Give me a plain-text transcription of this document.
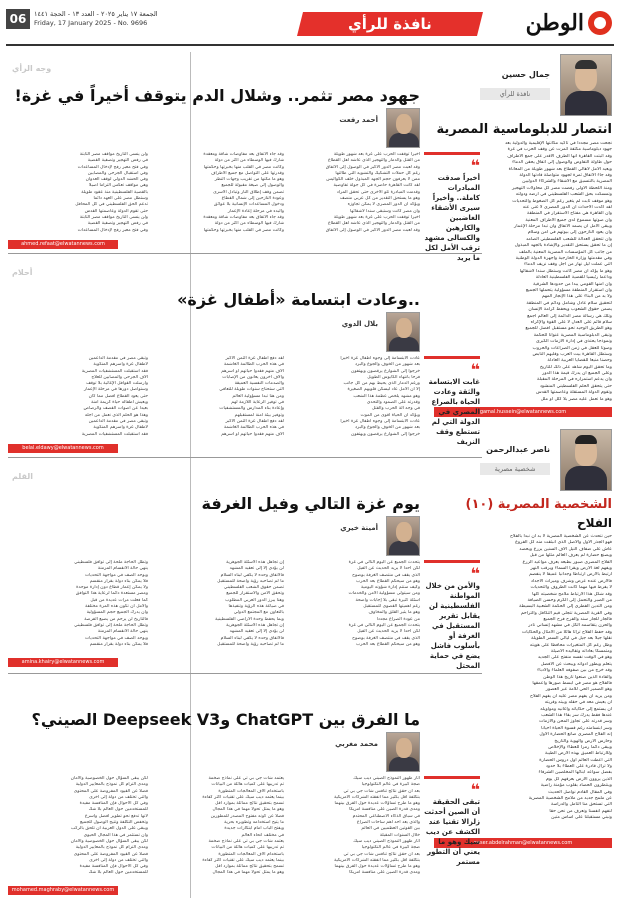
الوطن
نافذة للرأي
الجمعة ١٧ يناير ٢٠٢٥ - العدد ١٣ - الحجة ١٤٤١
Friday, 17 January 2025 - No. 9696
06
جمال حسين
نافذة للرأي
انتصار للدبلوماسية المصرية
نجحت مصر مجددا في تأكيد مكانتها الإقليمية والدولية بعد
جهود دبلوماسية مكثفة أثمرت عن وقف الحرب في غزة
وقد أثبتت القاهرة أنها الطرف الأقدر على جمع الأطراف
حول طاولة التفاوض والوصول إلى اتفاق يحقن الدماء
ويعيد الأمل لأهالي القطاع بعد شهور طويلة من المعاناة
وقد جاء الاتفاق ثمرة لجهود متواصلة قادتها الدولة
المصرية بالتنسيق مع الأشقاء والشركاء الدوليين
ومنذ اللحظة الأولى رفضت مصر كل محاولات التهجير
وتمسكت بحق الشعب الفلسطيني في أرضه ودولته
وهو موقف ثابت لم يتغير رغم كل الضغوط والتحديات
لقد أكدت الأحداث أن الدور المصري لا غنى عنه
وأن القاهرة هي مفتاح الاستقرار في المنطقة
وأن صوتها مسموع لدى جميع الأطراف المعنية
ويبقى الأمل أن يصمد الاتفاق وأن تبدأ مرحلة الإعمار
وأن يعود النازحون إلى بيوتهم في أمن وسلام
وأن تتحقق العدالة للشعب الفلسطيني الصامد
إن ما تحقق يستحق التقدير والإشادة بالجهد المبذول
من جانب كل المؤسسات المصرية المعنية بالملف
وفي مقدمتها وزارة الخارجية وأجهزة الدولة الوطنية
التي عملت ليل نهار من أجل وقف نزيف الدماء
وهو ما يؤكد أن مصر كانت وستظل سندا لأشقائها
وداعما رئيسيا للقضية الفلسطينية العادلة
وأن أمنها القومي يبدأ من حدودها الشرقية
وأن استقرار المنطقة مسؤولية يتحملها الجميع
ولا بد من البناء على هذا الإنجاز المهم
لتحقيق سلام عادل وشامل ودائم في المنطقة
يضمن حقوق الشعوب ويحفظ كرامة الإنسان
وتلك هي رسالة مصر الدائمة إلى العالم أجمع
سلام قائم على العدل لا على القوة والإكراه
وهو الطريق الوحيد نحو مستقبل أفضل للجميع
وتبقى الدبلوماسية المصرية عنوانا للحكمة
ونموذجا يحتذى في إدارة الأزمات الكبرى
وصوتا للعقل في زمن الصراعات والحروب
وستظل القاهرة بيت العرب وقلبهم النابض
وحصنا منيعا للقضايا العربية العادلة
وما تحقق اليوم شاهد على ذلك للتاريخ
وعلى الجميع أن يدرك قيمة هذا الدور
وأن يدعم استمراره في المرحلة المقبلة
حتى يتحقق الحلم الفلسطيني المنشود
وتقوم الدولة المستقلة وعاصمتها القدس
وهو ما تعمل عليه مصر بلا كلل أو ملل
gamal.hussein@elwatannews.com
ناصر عبدالرحمن
شخصية مصرية
الشخصية المصرية (١٠)
الفلاح
حين نتحدث عن الشخصية المصرية لا بد أن نبدأ بالفلاح
فهو الجذر الأول والأصل الذي انبثقت منه كل الفروع
عاش على ضفاف النيل آلاف السنين يزرع ويحصد
ويصنع حضارة لم يعرف العالم مثلها من قبل
الفلاح المصري صبور بطبعه يعرف مواعيد الزرع
ويفهم لغة الأرض ويقرأ السماء ويرقب النهر
ارتبط بالأرض ارتباطا وجدانيا عميقا لا ينفصم
فالأرض عنده عرض وشرف وميراث الأجداد
لا يفرط فيها مهما كانت الظروف والتحديات
وقد شكل هذا الارتباط ملامح شخصيته كلها
من الصبر والتحمل إلى الكرم وحسن الضيافة
ومن التدين الفطري إلى الحكمة الشعبية البسيطة
وفي القرية المصرية تتجلى قيم التكافل والتراحم
فالجار للجار سند والفرح فرح الجميع
والحزن يتقاسمه الكل في مشهد إنساني نادر
وقد حفظ الفلاح تراثا هائلا من الأمثال والحكايات
نقلها جيلا بعد جيل في ليالي السمر الطويلة
وظل رغم كل المتغيرات محافظا على هويته
ومتمسكا بعاداته وتقاليده الأصيلة
وهو في الوقت نفسه منفتح على الجديد
يتعلم ويطور أدواته ويبحث عن الأفضل
وقد خرج من بين صفوفه العلماء والأدباء
والقادة الذين صنعوا تاريخ هذا الوطن
فالفلاح هو مصر في أبسط صورها وأعمقها
وهو الضمير الحي للأمة عبر العصور
ومن يريد أن يفهم مصر عليه أن يفهم الفلاح
أن يعيش معه في حقله وبيته وقريته
أن يستمع إلى حكاياته وأغانيه ومواويله
عندها فقط يدرك سر بقاء هذا الشعب
وسر قدرته على تجاوز المحن والأزمات
وسر ابتسامته رغم قسوة الحياة أحيانا
إنه الفلاح المصري صانع الحضارة الأول
وحارس الأرض والهوية والتاريخ
ويبقى دائما رمزا للعطاء والإخلاص
وللارتباط العميق بهذه الأرض الطيبة
التي أعطت العالم أول دروس الحضارة
ولا تزال قادرة على العطاء بلا حدود
بفضل سواعد أبنائها المخلصين الشرفاء
الذين يروون الأرض بعرقهم كل يوم
وينتظرون الحصاد بقلوب مؤمنة راضية
وفي المقال القادم نواصل الحديث
عن ملمح جديد من ملامح الشخصية المصرية
التي تستحق منا التأمل والدراسة
لنفهم أنفسنا ونعرف من نحن حقا
ونبني مستقبلنا على أساس متين
naser.abdelrahman@elwatannews.com
جهود مصر تثمر.. وشلال الدم يتوقف أخيراً في غزة!
أحمد رفعت
وجه الرأي
أخيرا توقفت الحرب على غزة بعد شهور طويلة
من القتل والدمار والتهجير الذي عاشه أهل القطاع
وقد لعبت مصر الدور الأكبر في الوصول إلى الاتفاق
رغم كل حملات التشكيك والتشويه التي طالتها
ممن لا يعرفون حجم الجهد المبذول خلف الكواليس
لقد كانت القاهرة حاضرة في كل جولة تفاوضية
وقدمت المبادرة تلو الأخرى حتى تحقق المراد
وهو ما يستحق التقدير من كل عربي منصف
ويؤكد أن الدور المصري لا يمكن تجاوزه
وأن مصر كانت وستبقى سندا لأشقائها
أخيرا توقفت الحرب على غزة بعد شهور طويلة
من القتل والدمار والتهجير الذي عاشه أهل القطاع
وقد لعبت مصر الدور الأكبر في الوصول إلى الاتفاق
وقد جاء الاتفاق بعد مفاوضات شاقة ومعقدة
شارك فيها الوسطاء من أكثر من دولة
وكانت مصر في القلب منها بخبرتها وحكمتها
وقدرتها على التواصل مع جميع الأطراف
وهو ما مكنها من تقريب وجهات النظر
والوصول إلى صيغة مقبولة للجميع
تضمن وقف إطلاق النار وتبادل الأسرى
وعودة النازحين إلى شمال القطاع
ودخول المساعدات الإنسانية بلا عوائق
والبدء في مرحلة إعادة الإعمار
وقد جاء الاتفاق بعد مفاوضات شاقة ومعقدة
شارك فيها الوسطاء من أكثر من دولة
وكانت مصر في القلب منها بخبرتها وحكمتها
ولن ينسى التاريخ مواقف مصر الثابتة
في رفض التهجير وتصفية القضية
وفي فتح معبر رفح لإدخال المساعدات
وفي استقبال الجرحى والمصابين
وفي الحشد الدولي لوقف العدوان
وهي مواقف تعكس التزاما أصيلا
بالقضية الفلسطينية منذ عقود طويلة
وستظل مصر على العهد دائما
تدعم الحق الفلسطيني في كل المحافل
حتى تقوم الدولة وعاصمتها القدس
ولن ينسى التاريخ مواقف مصر الثابتة
في رفض التهجير وتصفية القضية
وفي فتح معبر رفح لإدخال المساعدات
ahmed.refaat@elwatannews.com
❝
أخيراً صدقت المبادرات كاملة.. وأخيراً سيرى الأشقاء الغاضبين والكارهين والكسالى مشهد ترقب الأمل لكل ما يريد
..وعادت ابتسامة «أطفال غزة»
بلال الدوي
أحلام
عادت الابتسامة إلى وجوه أطفال غزة أخيرا
بعد شهور من الخوف والجوع والبرد
خرجوا إلى الشوارع يرقصون ويهتفون
فرحا بانتهاء الكابوس الطويل
ورغم الدمار الذي يحيط بهم من كل جانب
إلا أن الأمل عاد ليسكن قلوبهم الصغيرة
وهو مشهد يلخص عظمة هذا الشعب
وقدرته على الصمود والتحدي
في وجه آلة الحرب والقتل
ويؤكد أن الحياة أقوى من الموت
عادت الابتسامة إلى وجوه أطفال غزة أخيرا
بعد شهور من الخوف والجوع والبرد
خرجوا إلى الشوارع يرقصون ويهتفون
لقد دفع أطفال غزة الثمن الأكبر
في هذه الحرب الظالمة الغاشمة
آلاف منهم فقدوا حياتهم أو أسرهم
وآلاف آخرون يعانون من الإصابات
والصدمات النفسية العميقة
التي ستحتاج سنوات طويلة للتعافي
ومن هنا تبدأ مسؤولية العالم
في توفير الرعاية اللازمة لهم
وإعادة بناء المدارس والمستشفيات
وتوفير بيئة آمنة لمستقبلهم
لقد دفع أطفال غزة الثمن الأكبر
في هذه الحرب الظالمة الغاشمة
آلاف منهم فقدوا حياتهم أو أسرهم
وتبقى مصر في مقدمة الداعمين
لأطفال غزة وأسرهم المنكوبة
فقد استقبلت المستشفيات المصرية
آلاف الجرحى والمصابين للعلاج
وأرسلت القوافل الإغاثية بلا توقف
وستواصل دورها في مرحلة الإعمار
حتى يعود القطاع أفضل مما كان
ويعيش أطفاله حياة كريمة آمنة
بعيدا عن أصوات القصف والرصاص
وهذا هو الحلم الذي نعمل من أجله
وتبقى مصر في مقدمة الداعمين
لأطفال غزة وأسرهم المنكوبة
فقد استقبلت المستشفيات المصرية
belal.eldawy@elwatannews.com
❝
غابت الابتسامة والثقة وعادت الحياة بالصراع المصري في الدولة التي لم تستطع وقف النزيف
يوم غزة التالي وفيل الغرفة
أمينة خيري
القلم
يتحدث الجميع عن اليوم التالي في غزة
لكن أحدا لا يريد الحديث عن الفيل
الذي يقف في منتصف الغرفة بوضوح
وهو من سيحكم القطاع بعد الحرب
وكيف ستتم إدارة شؤونه اليومية
ومن سيتولى مسؤولية الأمن والخدمات
أسئلة كثيرة تبقى بلا إجابات واضحة
رغم أهميتها القصوى للمستقبل
وهو ما يثير القلق والمخاوف
من عودة الصراع مجددا
يتحدث الجميع عن اليوم التالي في غزة
لكن أحدا لا يريد الحديث عن الفيل
الذي يقف في منتصف الغرفة بوضوح
وهو من سيحكم القطاع بعد الحرب
إن تجاهل هذه الأسئلة الجوهرية
لن يؤدي إلا إلى تعقيد المشهد
فالاتفاق وحده لا يكفي لبناء السلام
ما لم تصاحبه رؤية واضحة للمستقبل
تضمن حقوق الشعب الفلسطيني
وتحقق الأمن والاستقرار للجميع
وهنا يبرز الدور العربي المطلوب
في صياغة هذه الرؤية وتنفيذها
بالتعاون مع المجتمع الدولي
وبما يحفظ وحدة الأراضي الفلسطينية
إن تجاهل هذه الأسئلة الجوهرية
لن يؤدي إلا إلى تعقيد المشهد
فالاتفاق وحده لا يكفي لبناء السلام
ما لم تصاحبه رؤية واضحة للمستقبل
وتظل الحاجة ملحة إلى توافق فلسطيني
ينهي حالة الانقسام المزمنة
ويوحد الصف في مواجهة التحديات
فلا يمكن بناء دولة بقرار منقسم
ولا يمكن إعمار قطاع دون إدارة موحدة
ومصر مستعدة دائما لرعاية هذا التوافق
كما فعلت مرات عديدة من قبل
والأمل أن تكون هذه المرة مختلفة
وأن يدرك الجميع حجم المسؤولية
فالتاريخ لن يرحم من يضيع الفرصة
وتظل الحاجة ملحة إلى توافق فلسطيني
ينهي حالة الانقسام المزمنة
ويوحد الصف في مواجهة التحديات
فلا يمكن بناء دولة بقرار منقسم
amina.khairy@elwatannews.com
❝
والأمن من خلال المواطنة الفلسطينية لن يقابل تقرير المستقبل في الغرفة أو بأسلوب فاشل يضع في حماية المحتل
ما الفرق بين ChatGPT وDeepseek V3 الصيني؟
محمد مغربي
أثار ظهور النموذج الصيني ديب سيك
ضجة كبيرة في عالم التكنولوجيا
بعد أن حقق نتائج تنافس شات جي بي تي
بتكلفة أقل بكثير مما أنفقته الشركات الأمريكية
وهو ما طرح تساؤلات عديدة حول الفرق بينهما
ومدى قدرة الصين على منافسة أمريكا
في سباق الذكاء الاصطناعي المحتدم
والذي يعد أحد أهم ساحات الصراع
بين القوتين العظميين في العالم
خلال السنوات المقبلة
أثار ظهور النموذج الصيني ديب سيك
ضجة كبيرة في عالم التكنولوجيا
بعد أن حقق نتائج تنافس شات جي بي تي
بتكلفة أقل بكثير مما أنفقته الشركات الأمريكية
وهو ما طرح تساؤلات عديدة حول الفرق بينهما
ومدى قدرة الصين على منافسة أمريكا
يعتمد شات جي بي تي على نماذج ضخمة
تم تدريبها على كميات هائلة من البيانات
باستخدام آلاف المعالجات المتطورة
بينما يعتمد ديب سيك على تقنيات أكثر كفاءة
تسمح بتحقيق نتائج مماثلة بموارد أقل
وهو ما يمثل تحولا مهما في هذا المجال
فضلا عن كونه مفتوح المصدر للمطورين
ما يتيح استخدامه وتطويره بحرية
ويفتح الباب أمام ابتكارات جديدة
في مختلف أنحاء العالم
يعتمد شات جي بي تي على نماذج ضخمة
تم تدريبها على كميات هائلة من البيانات
باستخدام آلاف المعالجات المتطورة
بينما يعتمد ديب سيك على تقنيات أكثر كفاءة
تسمح بتحقيق نتائج مماثلة بموارد أقل
وهو ما يمثل تحولا مهما في هذا المجال
لكن يبقى السؤال حول الخصوصية والأمان
ومدى التزام كل نموذج بالمعايير الدولية
فضلا عن القيود المفروضة على المحتوى
والتي تختلف من دولة إلى أخرى
وفي كل الأحوال فإن المنافسة مفيدة
للمستخدمين حول العالم بلا شك
لأنها تدفع نحو تطوير أفضل وأسرع
وتخفض التكلفة وتتيح الوصول للجميع
ويبقى على الدول العربية أن تلحق بالركب
وأن تستثمر في هذا المجال الحيوي
لكن يبقى السؤال حول الخصوصية والأمان
ومدى التزام كل نموذج بالمعايير الدولية
فضلا عن القيود المفروضة على المحتوى
والتي تختلف من دولة إلى أخرى
وفي كل الأحوال فإن المنافسة مفيدة
للمستخدمين حول العالم بلا شك
mohamed.maghraby@elwatannews.com
❝
تبقى الحقيقة أن الصين أحدثت زلزالا تقنيا عند الكشف عن ديب سيك وهو ما يعني أن التطور مستمر
